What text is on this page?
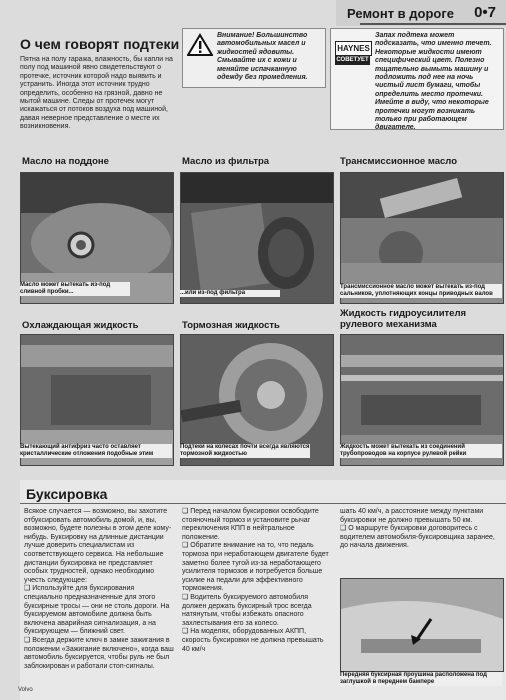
Ремонт в дороге 0•7
О чем говорят подтеки
Пятна на полу гаража, влажность, бы капли на полу под машиной явно свидетельствуют о протечке, источник которой надо выявить и устранить. Иногда этот источник трудно определить, особенно на грязной, давно не мытой машине. Следы от протечек могут искажаться от потоков воздуха под машиной, давая неверное представление о месте их возникновения.
Внимание! Большинство автомобильных масел и жидкостей ядовиты. Смывайте их с кожи и меняйте испачканную одежду без промедления.
Запах подтека может подсказать, что именно течет. Некоторые жидкости имеют специфический цвет. Полезно тщательно вымыть машину и подложить под нее на ночь чистый лист бумаги, чтобы определить место протечки. Имейте в виду, что некоторые протечки могут возникать только при работающем двигателе.
HAYNES
СОВЕТУЕТ
Масло на поддоне	Масло из фильтра	Трансмиссионное масло
Масло может вытекать из-под сливной пробки...	...или из-под фильтра
Трансмиссионное масло может вытекать из-под сальников, уплотняющих концы приводных валов
Охлаждающая жидкость	Тормозная жидкость
Жидкость гидроусилителя рулевого механизма
Вытекающий антифриз часто оставляет кристаллические отложения подобные этим
Подтеки на колесах почти всегда являются тормозной жидкостью
Жидкость может вытекать из соединений трубопроводов на корпусе рулевой рейки
Буксировка

Всякое случается — возможно, вы захотите отбуксировать автомобиль домой, и, вы, возможно, будете полезны в этом деле кому-нибудь. Буксировку на длинные дистанции лучше доверить специалистам из соответствующего сервиса. На небольшие дистанции буксировка не представляет особых трудностей, однако необходимо учесть следующее:

❑ Используйте для буксирования специально предназначенные для этого буксирные тросы — они не столь дороги. На буксируемом автомобиле должна быть включена аварийная сигнализация, а на буксирующем — ближний свет.

❑ Всегда держите ключ в замке зажигания в положении «Зажигание включено», когда ваш автомобиль буксируется, чтобы руль не был заблокирован и работали стоп-сигналы.

❑ Перед началом буксировки освободите стояночный тормоз и установите рычаг переключения КПП в нейтральное положение.

❑ Обратите внимание на то, что педаль тормоза при неработающем двигателе будет заметно более тугой из-за неработающего усилителя тормозов и потребуется больше усилие на педали для эффективного торможения.

❑ Водитель буксируемого автомобиля должен держать буксирный трос всегда натянутым, чтобы избежать опасного захлестывания его за колесо.

❑ На моделях, оборудованных АКПП, скорость буксировки не должна превышать 40 км/ч

шать 40 км/ч, а расстояние между пунктами буксировки не должно превышать 50 км.

❑ О маршруте буксировки договоритесь с водителем автомобиля-буксировщика заранее, до начала движения.

Передняя буксирная проушина расположена под заглушкой в переднем бампере
Volvo
